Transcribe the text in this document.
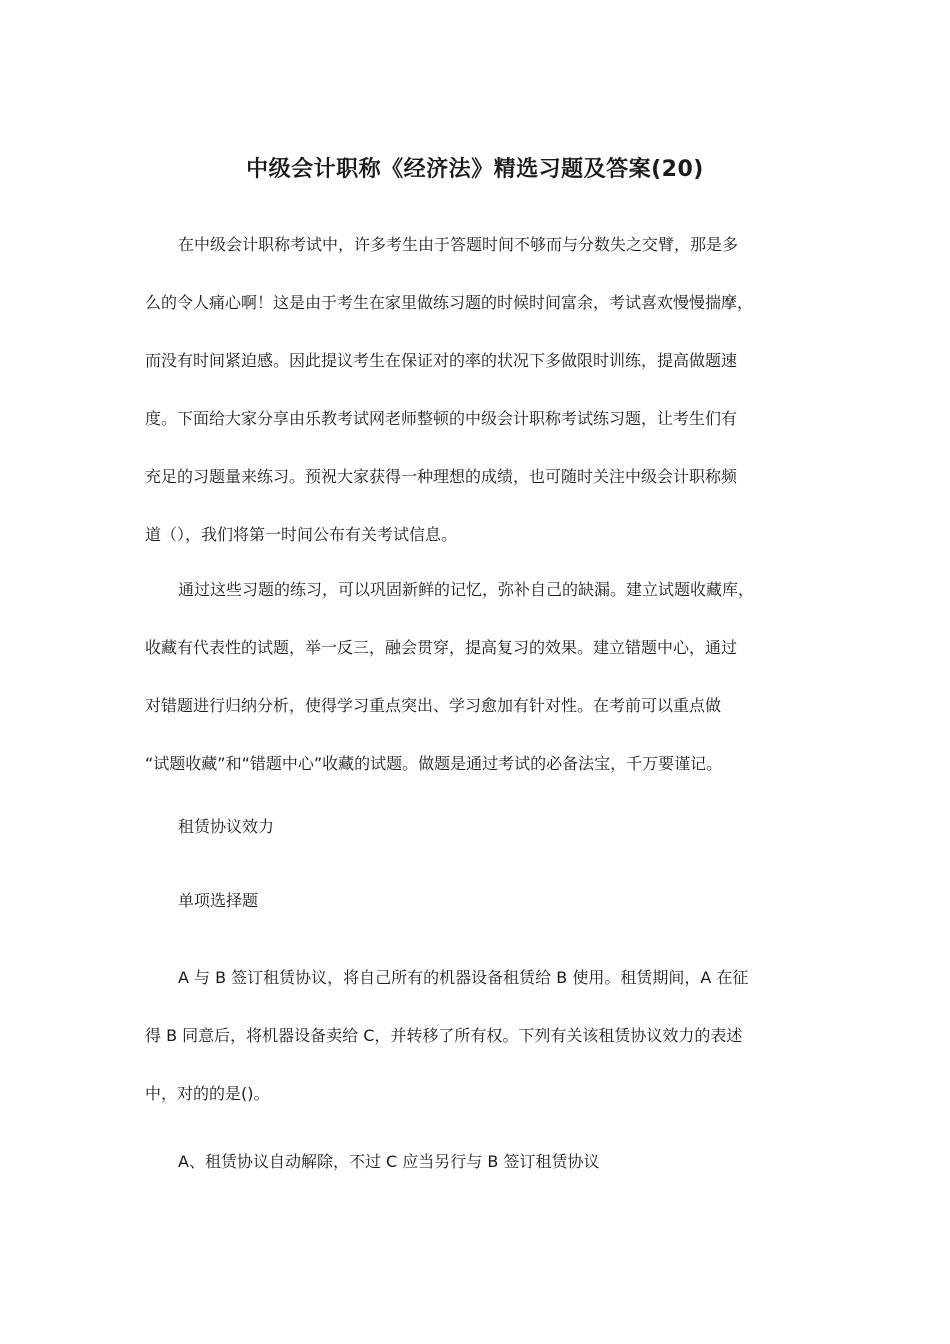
中级会计职称《经济法》精选习题及答案(20)
在中级会计职称考试中，许多考生由于答题时间不够而与分数失之交臂，那是多
么的令人痛心啊！这是由于考生在家里做练习题的时候时间富余，考试喜欢慢慢揣摩，
而没有时间紧迫感。因此提议考生在保证对的率的状况下多做限时训练，提高做题速
度。下面给大家分享由乐教考试网老师整顿的中级会计职称考试练习题，让考生们有
充足的习题量来练习。预祝大家获得一种理想的成绩，也可随时关注中级会计职称频
道（），我们将第一时间公布有关考试信息。
通过这些习题的练习，可以巩固新鲜的记忆，弥补自己的缺漏。建立试题收藏库，
收藏有代表性的试题，举一反三，融会贯穿，提高复习的效果。建立错题中心，通过
对错题进行归纳分析，使得学习重点突出、学习愈加有针对性。在考前可以重点做
“试题收藏”和“错题中心”收藏的试题。做题是通过考试的必备法宝，千万要谨记。
租赁协议效力
单项选择题
A 与 B 签订租赁协议，将自己所有的机器设备租赁给 B 使用。租赁期间，A 在征
得 B 同意后，将机器设备卖给 C，并转移了所有权。下列有关该租赁协议效力的表述
中，对的的是()。
A、租赁协议自动解除，不过 C 应当另行与 B 签订租赁协议
